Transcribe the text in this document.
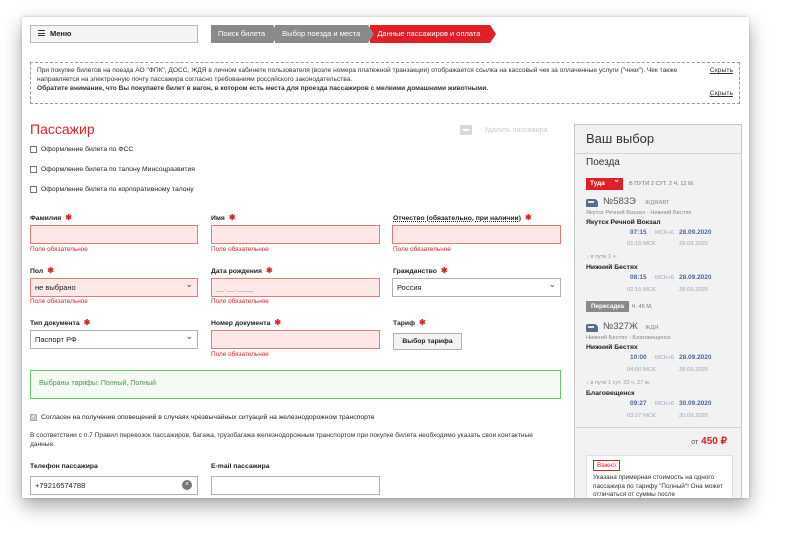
Меню	Поиск билета	Выбор поезда и места	Данные пассажиров и оплата
При покупке билетов на поезда АО "ФПК", ДОСС, ЖДЯ в личном кабинете пользователя (возле номера платежной транзакции) отображается ссылка на кассовый чек за оплаченные услуги ("чеки"). Чек также направляется на электронную почту пассажира согласно требованиям российского законодательства.
Обратите внимание, что Вы покупаете билет в вагон, в котором есть места для проезда пассажиров с мелкими домашними животными.
Скрыть
Скрыть
Пассажир	Удалить пассажира
Оформление билета по ФСС
Оформление билета по талону Минсоцразвития
Оформление билета по корпоративному талону
Фамилия ✱
Поле обязательное
Имя ✱
Поле обязательное
Отчество (обязательно, при наличии) ✱
Поле обязательное
Пол ✱
не выбрано ⌄
Поле обязательное
Дата рождения ✱
__.__.____
Поле обязательное
Гражданство ✱
Россия ⌄
Тип документа ✱
Паспорт РФ ⌄
Номер документа ✱
Поле обязательное
Тариф ✱
Выбор тарифа
Выбраны тарифы: Полный, Полный
✓
Согласен на получение оповещений в случаях чрезвычайных ситуаций на железнодорожном транспорте
В соответствии с п.7 Правил перевозок пассажиров, багажа, грузобагажа железнодорожным транспортом при покупке билета необходимо указать свои контактные данные.
Телефон пассажира
+79216574788	×
E-mail пассажира
Ваш выбор
Поезда
Туда ⌄	В ПУТИ 2 СУТ. 2 Ч. 12 М.
№583Э ЖДЯАВТ
Якутск Речной Вокзал - Нижний Бестях
Якутск Речной Вокзал
07:15 МСК+6 28.09.2020
01:15 МСК	28.09.2020
↓ в пути 1 ч.
Нижний Бестях
08:15 МСК+6 28.09.2020
02:15 МСК	28.09.2020
Пересадка 1 Ч. 45 М.
№327Ж ЖДЯ
Нижний Бестях - Благовещенск
Нижний Бестях
10:00 МСК+6 28.09.2020
04:00 МСК	28.09.2020
↓ в пути 1 сут. 23 ч. 27 м.
Благовещенск
09:27 МСК+6 30.09.2020
03:27 МСК	30.09.2020
от 450 ₽
Важно

Указана примерная стоимость на одного пассажира по тарифу "Полный"! Она может отличаться от суммы после
